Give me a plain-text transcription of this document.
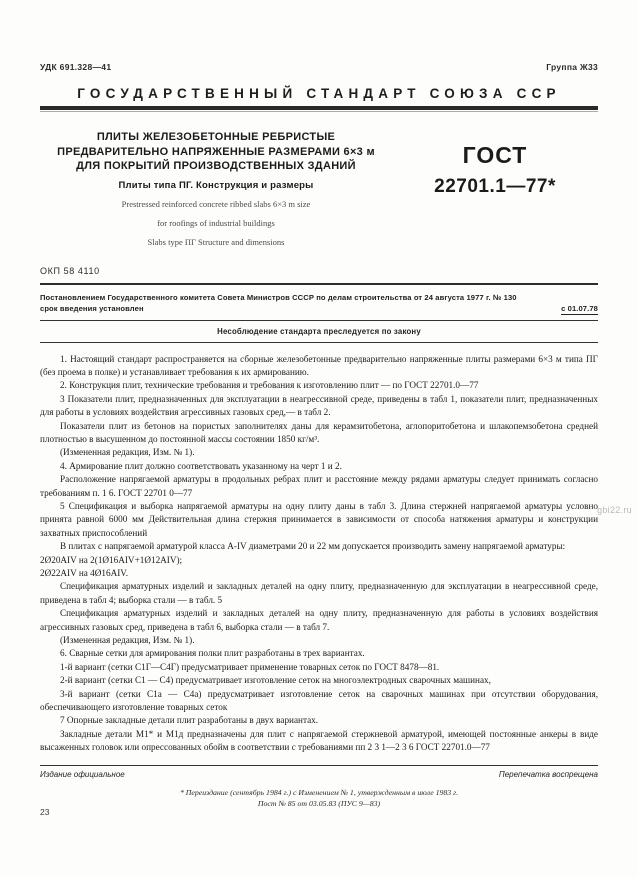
УДК 691.328—41	Группа Ж33
ГОСУДАРСТВЕННЫЙ СТАНДАРТ СОЮЗА ССР
ПЛИТЫ ЖЕЛЕЗОБЕТОННЫЕ РЕБРИСТЫЕ
ПРЕДВАРИТЕЛЬНО НАПРЯЖЕННЫЕ РАЗМЕРАМИ 6×3 м
ДЛЯ ПОКРЫТИЙ ПРОИЗВОДСТВЕННЫХ ЗДАНИЙ
Плиты типа ПГ. Конструкция и размеры
Prestressed reinforced concrete ribbed slabs 6×3 m size
for roofings of industrial buildings
Slabs type ПГ Structure and dimensions
ГОСТ
22701.1—77*
ОКП 58 4110
Постановлением Государственного комитета Совета Министров СССР по делам строительства от 24 августа 1977 г. № 130
срок введения установлен	с 01.07.78
Несоблюдение стандарта преследуется по закону

1. Настоящий стандарт распространяется на сборные железобетонные предварительно напряженные плиты размерами 6×3 м типа ПГ (без проема в полке) и устанавливает требования к их армированию.

2. Конструкция плит, технические требования и требования к изготовлению плит — по ГОСТ 22701.0—77

3 Показатели плит, предназначенных для эксплуатации в неагрессивной среде, приведены в табл 1, показатели плит, предназначенных для работы в условиях воздействия агрессивных газовых сред,— в табл 2.

Показатели плит из бетонов на пористых заполнителях даны для керамзитобетона, аглопоритобетона и шлакопемзобетона средней плотностью в высушенном до постоянной массы состоянии 1850 кг/м³.

(Измененная редакция, Изм. № 1).

4. Армирование плит должно соответствовать указанному на черт 1 и 2.

Расположение напрягаемой арматуры в продольных ребрах плит и расстояние между рядами арматуры следует принимать согласно требованиям п. 1 6. ГОСТ 22701 0—77

5 Спецификация и выборка напрягаемой арматуры на одну плиту даны в табл 3. Длина стержней напрягаемой арматуры условно принята равной 6000 мм Действительная длина стержня принимается в зависимости от способа натяжения арматуры и конструкции захватных приспособлений

В плитах с напрягаемой арматурой класса A-IV диаметрами 20 и 22 мм допускается производить замену напрягаемой арматуры:

2Ø20AIV на 2(1Ø16AIV+1Ø12AIV);

2Ø22AIV на 4Ø16AIV.

Спецификация арматурных изделий и закладных деталей на одну плиту, предназначенную для эксплуатации в неагрессивной среде, приведена в табл 4; выборка стали — в табл. 5

Спецификация арматурных изделий и закладных деталей на одну плиту, предназначенную для работы в условиях воздействия агрессивных газовых сред, приведена в табл 6, выборка стали — в табл 7.

(Измененная редакция, Изм. № 1).

6. Сварные сетки для армирования полки плит разработаны в трех вариантах.

1-й вариант (сетки С1Г—С4Г) предусматривает применение товарных сеток по ГОСТ 8478—81.

2-й вариант (сетки С1 — С4) предусматривает изготовление сеток на многоэлектродных сварочных машинах,

3-й вариант (сетки С1а — С4а) предусматривает изготовление сеток на сварочных машинах при отсутствии оборудования, обеспечивающего изготовление товарных сеток

7 Опорные закладные детали плит разработаны в двух вариантах.

Закладные детали M1* и M1д предназначены для плит с напрягаемой стержневой арматурой, имеющей постоянные анкеры в виде высаженных головок или опрессованных обойм в соответствии с требованиями пп 2 3 1—2 3 6 ГОСТ 22701.0—77

Издание официальное	Перепечатка воспрещена
* Переиздание (сентябрь 1984 г.) с Изменением № 1, утвержденным в июле 1983 г.
Пост № 85 от 03.05.83 (ПУС 9—83)
23
gbi22.ru
